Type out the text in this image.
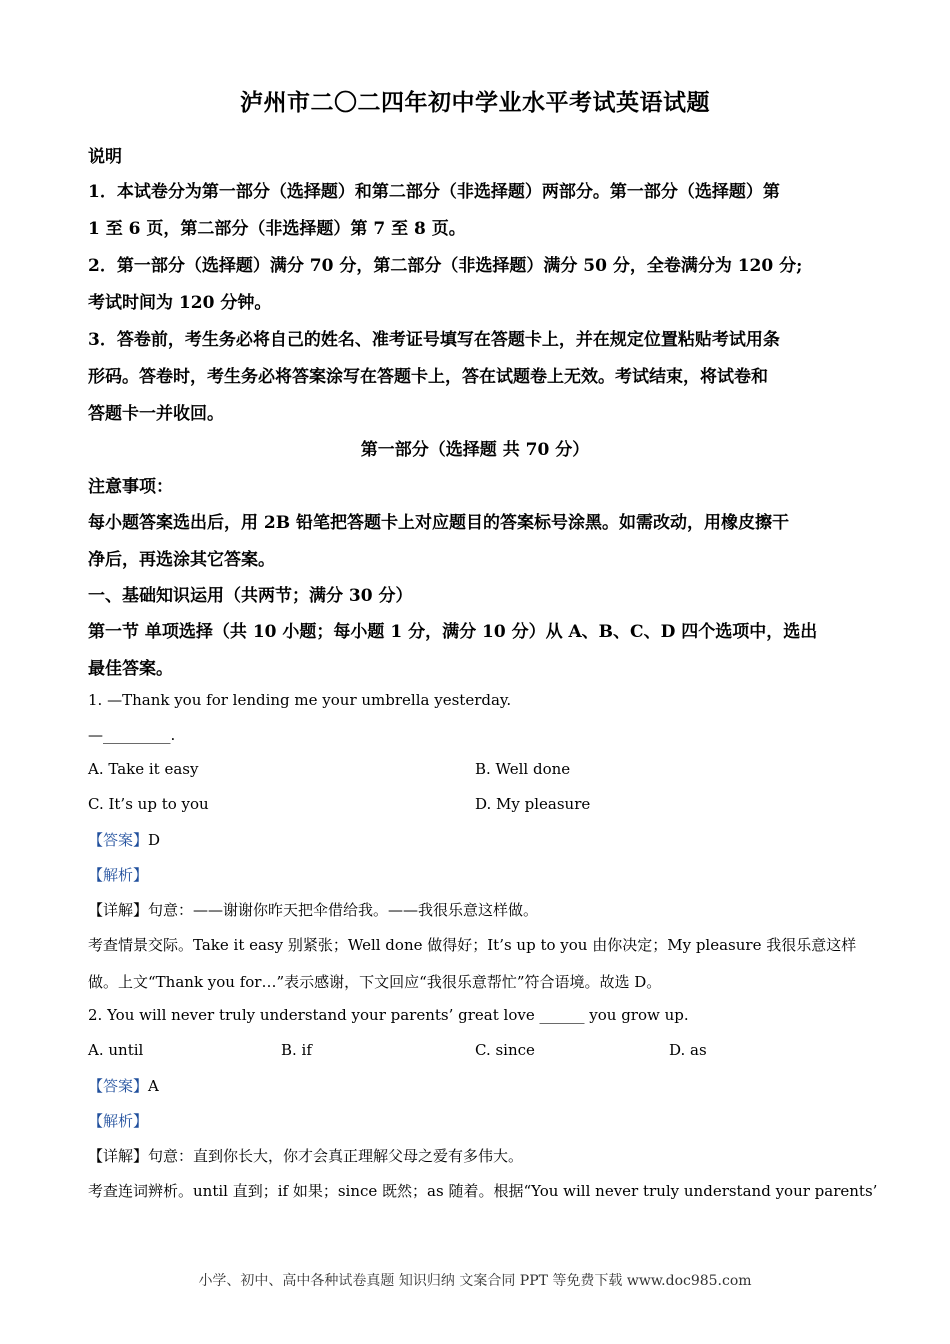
泸州市二〇二四年初中学业水平考试英语试题
说明
1．本试卷分为第一部分（选择题）和第二部分（非选择题）两部分。第一部分（选择题）第
1 至 6 页，第二部分（非选择题）第 7 至 8 页。
2．第一部分（选择题）满分 70 分，第二部分（非选择题）满分 50 分，全卷满分为 120 分;
考试时间为 120 分钟。
3．答卷前，考生务必将自己的姓名、准考证号填写在答题卡上，并在规定位置粘贴考试用条
形码。答卷时，考生务必将答案涂写在答题卡上，答在试题卷上无效。考试结束，将试卷和
答题卡一并收回。
第一部分（选择题 共 70 分）
注意事项：
每小题答案选出后，用 2B 铅笔把答题卡上对应题目的答案标号涂黑。如需改动，用橡皮擦干
净后，再选涂其它答案。
一、基础知识运用（共两节；满分 30 分）
第一节 单项选择（共 10 小题；每小题 1 分，满分 10 分）从 A、B、C、D 四个选项中，选出
最佳答案。
1. —Thank you for lending me your umbrella yesterday.
—_________.
A. Take it easy	B. Well done
C. It’s up to you	D. My pleasure
【答案】D
【解析】
【详解】句意：——谢谢你昨天把伞借给我。——我很乐意这样做。
考查情景交际。Take it easy 别紧张；Well done 做得好；It’s up to you 由你决定；My pleasure 我很乐意这样
做。上文“Thank you for…”表示感谢，下文回应“我很乐意帮忙”符合语境。故选 D。
2. You will never truly understand your parents’ great love ______ you grow up.
A. until	B. if	C. since	D. as
【答案】A
【解析】
【详解】句意：直到你长大，你才会真正理解父母之爱有多伟大。
考查连词辨析。until 直到；if 如果；since 既然；as 随着。根据“You will never truly understand your parents’
小学、初中、高中各种试卷真题 知识归纳 文案合同 PPT 等免费下载 www.doc985.com
